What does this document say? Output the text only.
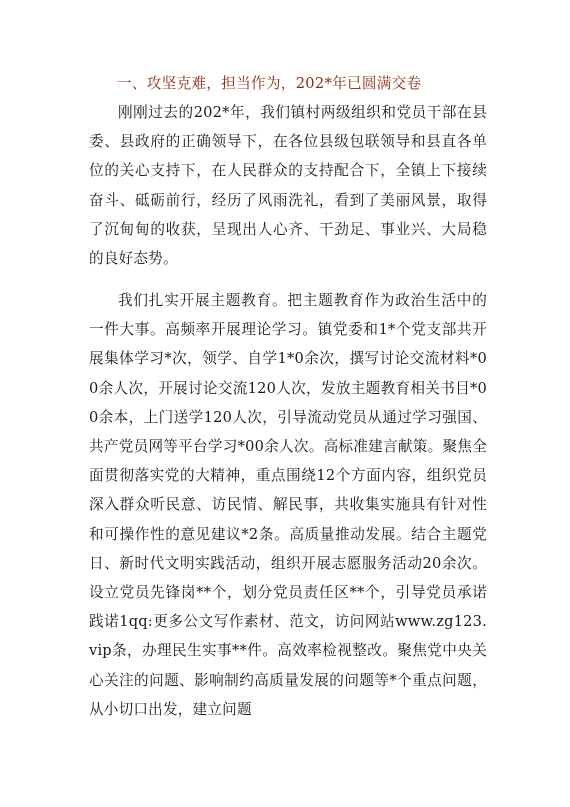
一、攻坚克难，担当作为，202*年已圆满交卷

刚刚过去的202*年，我们镇村两级组织和党员干部在县委、县政府的正确领导下，在各位县级包联领导和县直各单位的关心支持下，在人民群众的支持配合下，全镇上下接续奋斗、砥砺前行，经历了风雨洗礼，看到了美丽风景，取得了沉甸甸的收获，呈现出人心齐、干劲足、事业兴、大局稳的良好态势。

我们扎实开展主题教育。把主题教育作为政治生活中的一件大事。高频率开展理论学习。镇党委和1*个党支部共开展集体学习*次，领学、自学1*0余次，撰写讨论交流材料*00余人次，开展讨论交流120人次，发放主题教育相关书目*00余本，上门送学120人次，引导流动党员从通过学习强国、共产党员网等平台学习*00余人次。高标准建言献策。聚焦全面贯彻落实党的大精神，重点围绕12个方面内容，组织党员深入群众听民意、访民情、解民事，共收集实施具有针对性和可操作性的意见建议*2条。高质量推动发展。结合主题党日、新时代文明实践活动，组织开展志愿服务活动20余次。设立党员先锋岗**个，划分党员责任区**个，引导党员承诺践诺1qq:更多公文写作素材、范文，访问网站www.zg123.vip条，办理民生实事**件。高效率检视整改。聚焦党中央关心关注的问题、影响制约高质量发展的问题等*个重点问题，从小切口出发，建立问题
